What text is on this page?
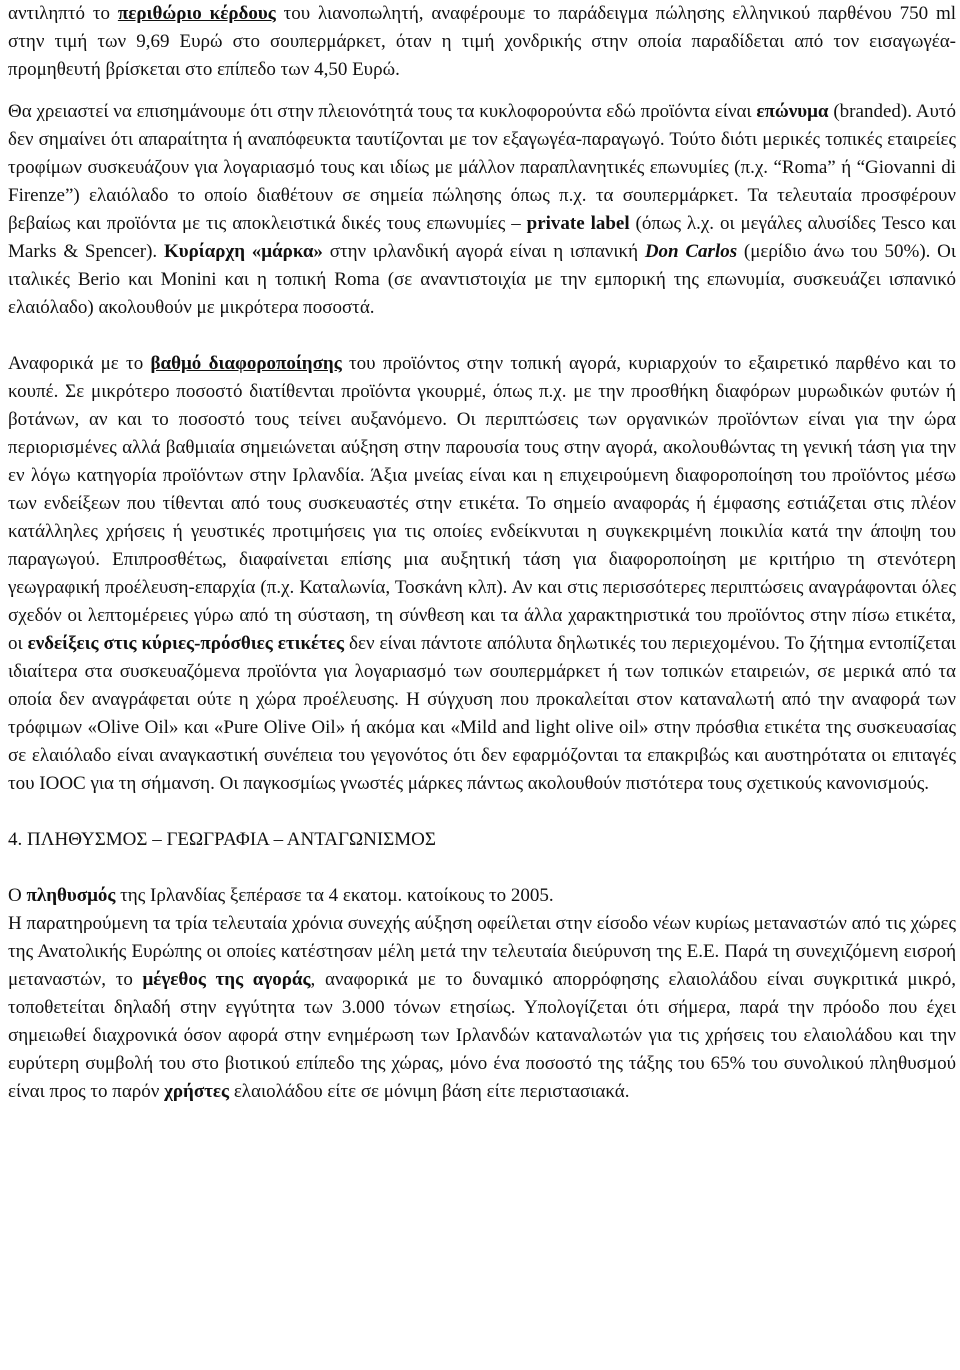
αντιληπτό το περιθώριο κέρδους του λιανοπωλητή, αναφέρουμε το παράδειγμα πώλησης ελληνικού παρθένου 750 ml στην τιμή των 9,69 Ευρώ στο σουπερμάρκετ, όταν η τιμή χονδρικής στην οποία παραδίδεται από τον εισαγωγέα-προμηθευτή βρίσκεται στο επίπεδο των 4,50 Ευρώ.

Θα χρειαστεί να επισημάνουμε ότι στην πλειονότητά τους τα κυκλοφορούντα εδώ προϊόντα είναι επώνυμα (branded). Αυτό δεν σημαίνει ότι απαραίτητα ή αναπόφευκτα ταυτίζονται με τον εξαγωγέα-παραγωγό. Τούτο διότι μερικές τοπικές εταιρείες τροφίμων συσκευάζουν για λογαριασμό τους και ιδίως με μάλλον παραπλανητικές επωνυμίες (π.χ. “Roma” ή “Giovanni di Firenze”) ελαιόλαδο το οποίο διαθέτουν σε σημεία πώλησης όπως π.χ. τα σουπερμάρκετ. Τα τελευταία προσφέρουν βεβαίως και προϊόντα με τις αποκλειστικά δικές τους επωνυμίες – private label (όπως λ.χ. οι μεγάλες αλυσίδες Tesco και Marks & Spencer). Κυρίαρχη «μάρκα» στην ιρλανδική αγορά είναι η ισπανική Don Carlos (μερίδιο άνω του 50%). Οι ιταλικές Berio και Monini και η τοπική Roma (σε αναντιστοιχία με την εμπορική της επωνυμία, συσκευάζει ισπανικό ελαιόλαδο) ακολουθούν με μικρότερα ποσοστά.

Αναφορικά με το βαθμό διαφοροποίησης του προϊόντος στην τοπική αγορά, κυριαρχούν το εξαιρετικό παρθένο και το κουπέ. Σε μικρότερο ποσοστό διατίθενται προϊόντα γκουρμέ, όπως π.χ. με την προσθήκη διαφόρων μυρωδικών φυτών ή βοτάνων, αν και το ποσοστό τους τείνει αυξανόμενο. Οι περιπτώσεις των οργανικών προϊόντων είναι για την ώρα περιορισμένες αλλά βαθμιαία σημειώνεται αύξηση στην παρουσία τους στην αγορά, ακολουθώντας τη γενική τάση για την εν λόγω κατηγορία προϊόντων στην Ιρλανδία. Άξια μνείας είναι και η επιχειρούμενη διαφοροποίηση του προϊόντος μέσω των ενδείξεων που τίθενται από τους συσκευαστές στην ετικέτα. Το σημείο αναφοράς ή έμφασης εστιάζεται στις πλέον κατάλληλες χρήσεις ή γευστικές προτιμήσεις για τις οποίες ενδείκνυται η συγκεκριμένη ποικιλία κατά την άποψη του παραγωγού. Επιπροσθέτως, διαφαίνεται επίσης μια αυξητική τάση για διαφοροποίηση με κριτήριο τη στενότερη γεωγραφική προέλευση-επαρχία (π.χ. Καταλωνία, Τοσκάνη κλπ). Αν και στις περισσότερες περιπτώσεις αναγράφονται όλες σχεδόν οι λεπτομέρειες γύρω από τη σύσταση, τη σύνθεση και τα άλλα χαρακτηριστικά του προϊόντος στην πίσω ετικέτα, οι ενδείξεις στις κύριες-πρόσθιες ετικέτες δεν είναι πάντοτε απόλυτα δηλωτικές του περιεχομένου. Το ζήτημα εντοπίζεται ιδιαίτερα στα συσκευαζόμενα προϊόντα για λογαριασμό των σουπερμάρκετ ή των τοπικών εταιρειών, σε μερικά από τα οποία δεν αναγράφεται ούτε η χώρα προέλευσης. Η σύγχυση που προκαλείται στον καταναλωτή από την αναφορά των τρόφιμων «Olive Oil» και «Pure Olive Oil» ή ακόμα και «Mild and light olive oil» στην πρόσθια ετικέτα της συσκευασίας σε ελαιόλαδο είναι αναγκαστική συνέπεια του γεγονότος ότι δεν εφαρμόζονται τα επακριβώς και αυστηρότατα οι επιταγές του IOOC για τη σήμανση. Οι παγκοσμίως γνωστές μάρκες πάντως ακολουθούν πιστότερα τους σχετικούς κανονισμούς.

4. ΠΛΗΘΥΣΜΟΣ – ΓΕΩΓΡΑΦΙΑ – ΑΝΤΑΓΩΝΙΣΜΟΣ

Ο πληθυσμός της Ιρλανδίας ξεπέρασε τα 4 εκατομ. κατοίκους το 2005.

Η παρατηρούμενη τα τρία τελευταία χρόνια συνεχής αύξηση οφείλεται στην είσοδο νέων κυρίως μεταναστών από τις χώρες της Ανατολικής Ευρώπης οι οποίες κατέστησαν μέλη μετά την τελευταία διεύρυνση της Ε.Ε. Παρά τη συνεχιζόμενη εισροή μεταναστών, το μέγεθος της αγοράς, αναφορικά με το δυναμικό απορρόφησης ελαιολάδου είναι συγκριτικά μικρό, τοποθετείται δηλαδή στην εγγύτητα των 3.000 τόνων ετησίως. Υπολογίζεται ότι σήμερα, παρά την πρόοδο που έχει σημειωθεί διαχρονικά όσον αφορά στην ενημέρωση των Ιρλανδών καταναλωτών για τις χρήσεις του ελαιολάδου και την ευρύτερη συμβολή του στο βιοτικού επίπεδο της χώρας, μόνο ένα ποσοστό της τάξης του 65% του συνολικού πληθυσμού είναι προς το παρόν χρήστες ελαιολάδου είτε σε μόνιμη βάση είτε περιστασιακά.
